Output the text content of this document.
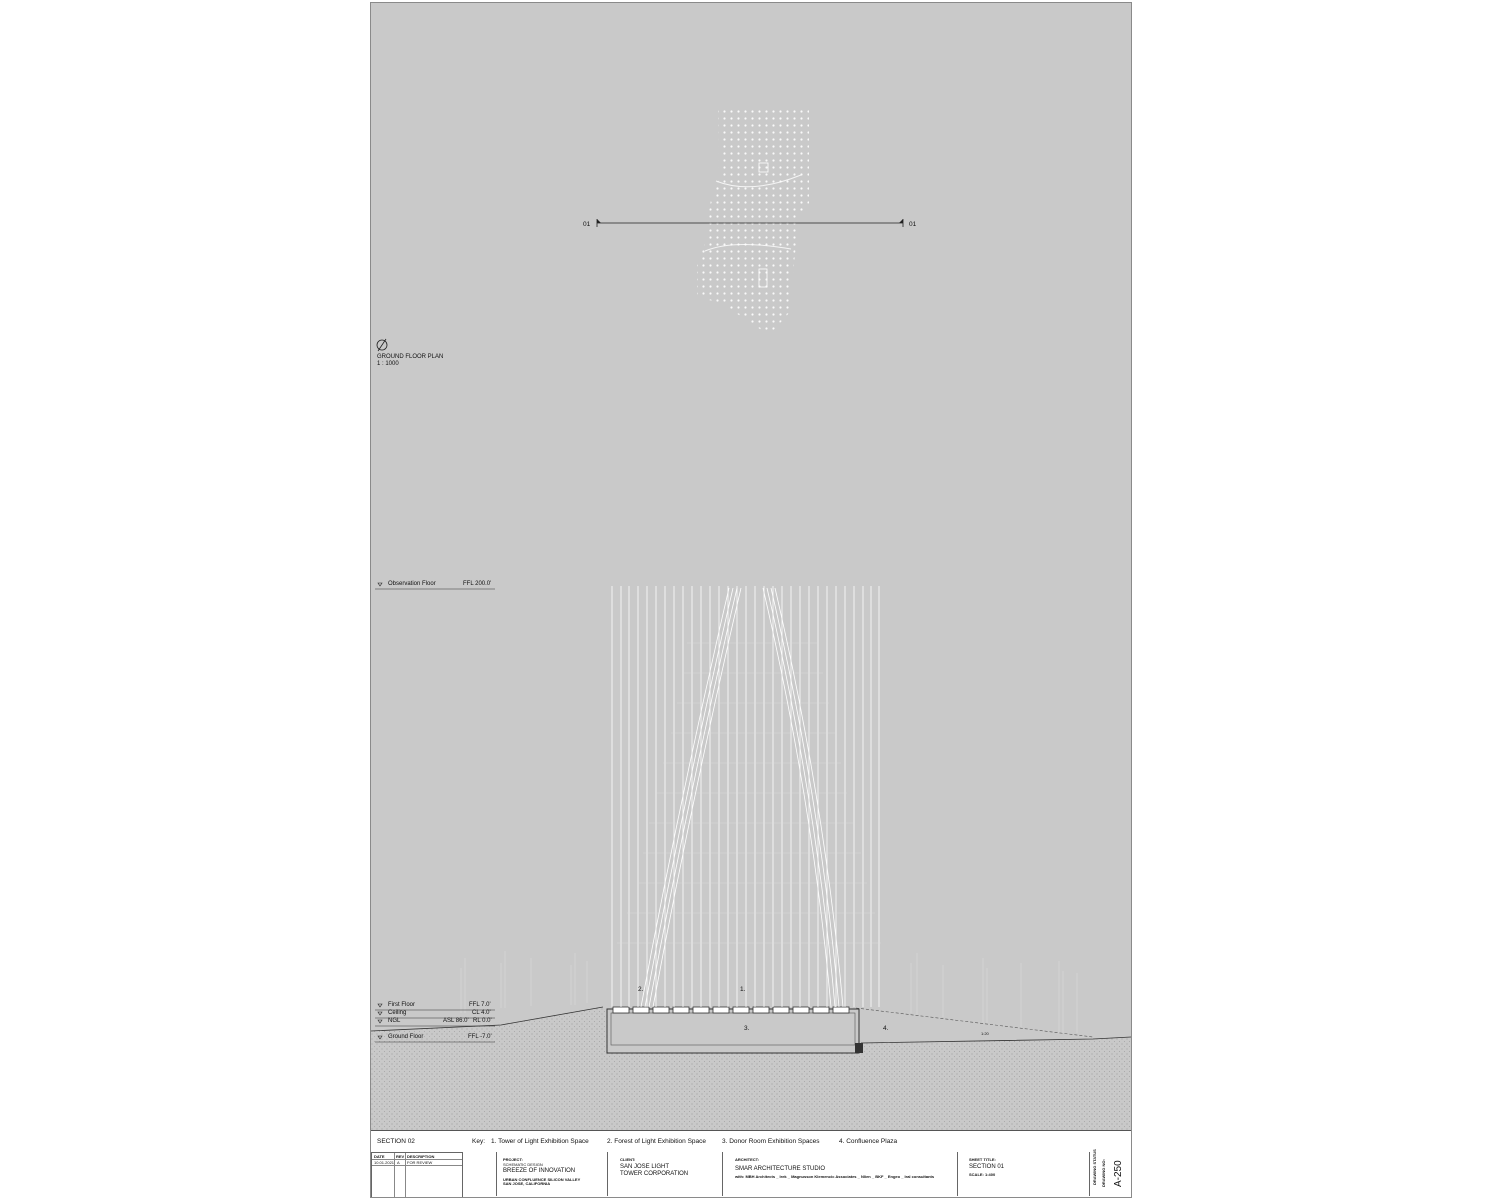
01	01
GROUND FLOOR PLAN
1 : 1000
Observation Floor	FFL 200.0'
First Floor	FFL 7.0'
Ceiling	CL 4.0'
NGL	ASL 86.0' RL 0.0'
Ground Floor	FFL -7.0'
2.	1.
3.	4.
1:20
SECTION 02	Key: 1. Tower of Light Exhibition Space	2. Forest of Light Exhibition Space 3. Donor Room Exhibition Spaces	4. Confluence Plaza
DATE	REV DESCRIPTION
10.01.2021 A FOR REVIEW
PROJECT:
SCHEMATIC DESIGN
BREEZE OF INNOVATION
URBAN CONFLUENCE SILICON VALLEY
SAN JOSE, CALIFORNIA
CLIENT:
SAN JOSE LIGHT
TOWER CORPORATION
ARCHITECT:
SMAR ARCHITECTURE STUDIO
with: MBH Architects _ Irek _ Magnusson Klemencic Associates _ Nlien _ BKF _ Engeo _ Iral consultants
SHEET TITLE:
SECTION 01
SCALE: 1:400	DRAWING STATUS DRAWING NO: A-250
